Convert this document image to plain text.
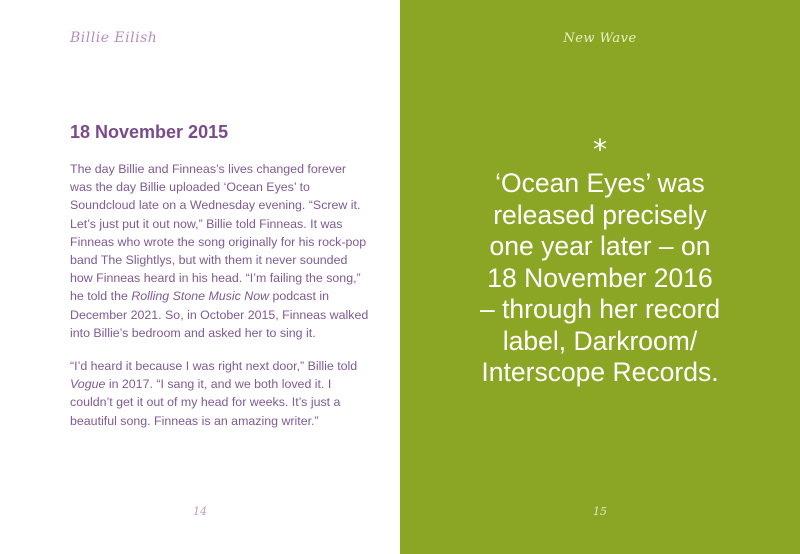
Billie Eilish
18 November 2015

The day Billie and Finneas’s lives changed forever was the day Billie uploaded ‘Ocean Eyes’ to Soundcloud late on a Wednesday evening. “Screw it. Let’s just put it out now,” Billie told Finneas. It was Finneas who wrote the song originally for his rock-pop band The Slightlys, but with them it never sounded how Finneas heard in his head. “I’m failing the song,” he told the Rolling Stone Music Now podcast in December 2021. So, in October 2015, Finneas walked into Billie’s bedroom and asked her to sing it.

“I’d heard it because I was right next door,” Billie told Vogue in 2017. “I sang it, and we both loved it. I couldn’t get it out of my head for weeks. It’s just a beautiful song. Finneas is an amazing writer.”

14
New Wave
*
‘Ocean Eyes’ was
released precisely
one year later – on
18 November 2016
– through her record
label, Darkroom/
Interscope Records.
15
